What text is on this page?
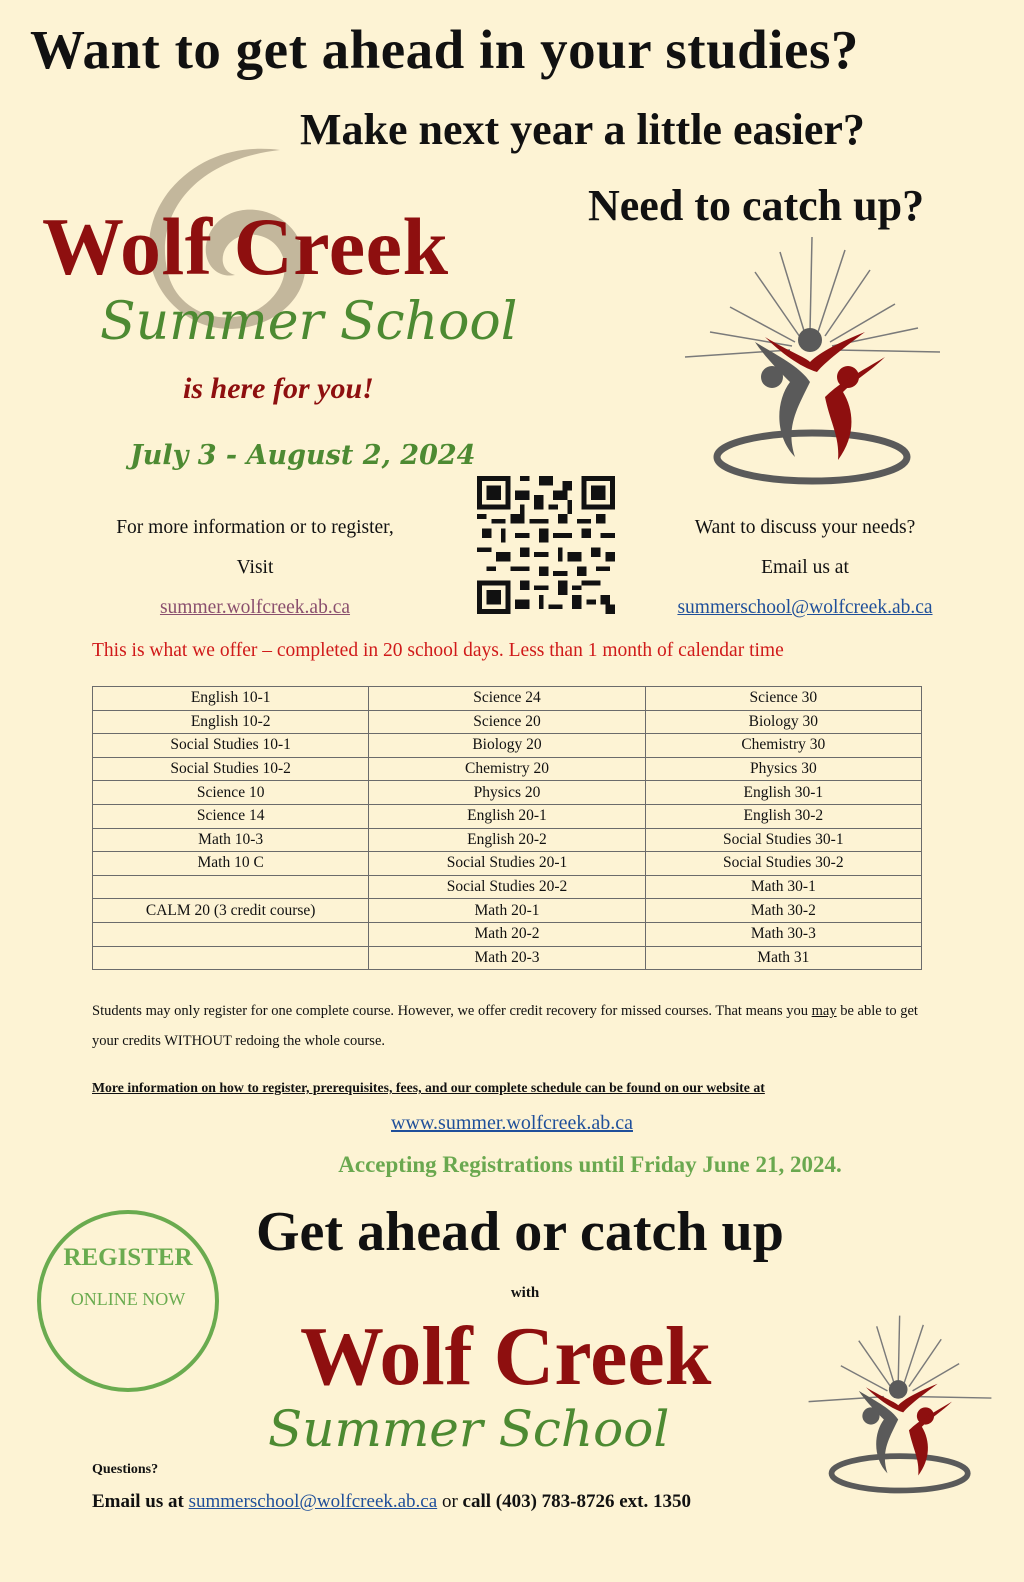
Want to get ahead in your studies?
Make next year a little easier?
Need to catch up?
Wolf Creek
Summer School
is here for you!
July 3 - August 2, 2024
For more information or to register,
Visit
summer.wolfcreek.ab.ca
Want to discuss your needs?
Email us at
summerschool@wolfcreek.ab.ca
This is what we offer – completed in 20 school days. Less than 1 month of calendar time
English 10-1	Science 24	Science 30
English 10-2	Science 20	Biology 30
Social Studies 10-1	Biology 20	Chemistry 30
Social Studies 10-2	Chemistry 20	Physics 30
Science 10	Physics 20	English 30-1
Science 14	English 20-1	English 30-2
Math 10-3	English 20-2	Social Studies 30-1
Math 10 C	Social Studies 20-1	Social Studies 30-2
	Social Studies 20-2	Math 30-1
CALM 20 (3 credit course)	Math 20-1	Math 30-2
	Math 20-2	Math 30-3
	Math 20-3	Math 31
Students may only register for one complete course. However, we offer credit recovery for missed courses. That means you may be able to get your credits WITHOUT redoing the whole course.
More information on how to register, prerequisites, fees, and our complete schedule can be found on our website at
www.summer.wolfcreek.ab.ca
Accepting Registrations until Friday June 21, 2024.
REGISTER
ONLINE NOW
Get ahead or catch up
with
Wolf Creek
Summer School
Questions?
Email us at summerschool@wolfcreek.ab.ca or call (403) 783-8726 ext. 1350
